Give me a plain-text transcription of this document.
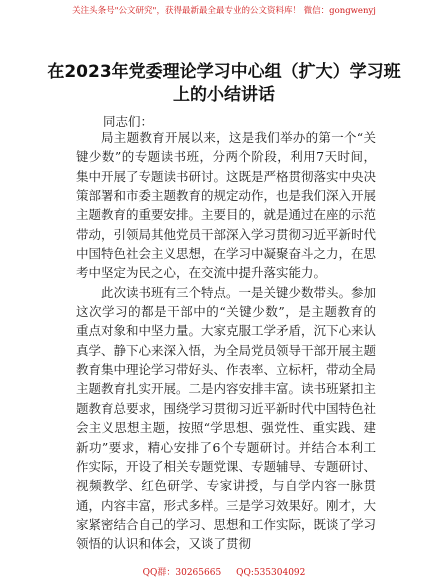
关注头条号"公文研究"，获得最新最全最专业的公文资料库！ 微信：gongwenyj
在2023年党委理论学习中心组（扩大）学习班
上的小结讲话
同志们：

局主题教育开展以来，这是我们举办的第一个“关键少数”的专题读书班，分两个阶段，利用7天时间，集中开展了专题读书研讨。这既是严格贯彻落实中央决策部署和市委主题教育的规定动作，也是我们深入开展主题教育的重要安排。主要目的，就是通过在座的示范带动，引领局其他党员干部深入学习贯彻习近平新时代中国特色社会主义思想，在学习中凝聚奋斗之力，在思考中坚定为民之心，在交流中提升落实能力。

此次读书班有三个特点。一是关键少数带头。参加这次学习的都是干部中的“关键少数”，是主题教育的重点对象和中坚力量。大家克服工学矛盾，沉下心来认真学、静下心来深入悟，为全局党员领导干部开展主题教育集中理论学习带好头、作表率、立标杆，带动全局主题教育扎实开展。二是内容安排丰富。读书班紧扣主题教育总要求，围绕学习贯彻习近平新时代中国特色社会主义思想主题，按照“学思想、强党性、重实践、建新功”要求，精心安排了6个专题研讨。并结合本利工作实际，开设了相关专题党课、专题辅导、专题研讨、视频教学、红色研学、专家讲授，与自学内容一脉贯通，内容丰富，形式多样。三是学习效果好。刚才，大家紧密结合自己的学习、思想和工作实际，既谈了学习领悟的认识和体会，又谈了贯彻

QQ群：30265665 QQ:535304092
